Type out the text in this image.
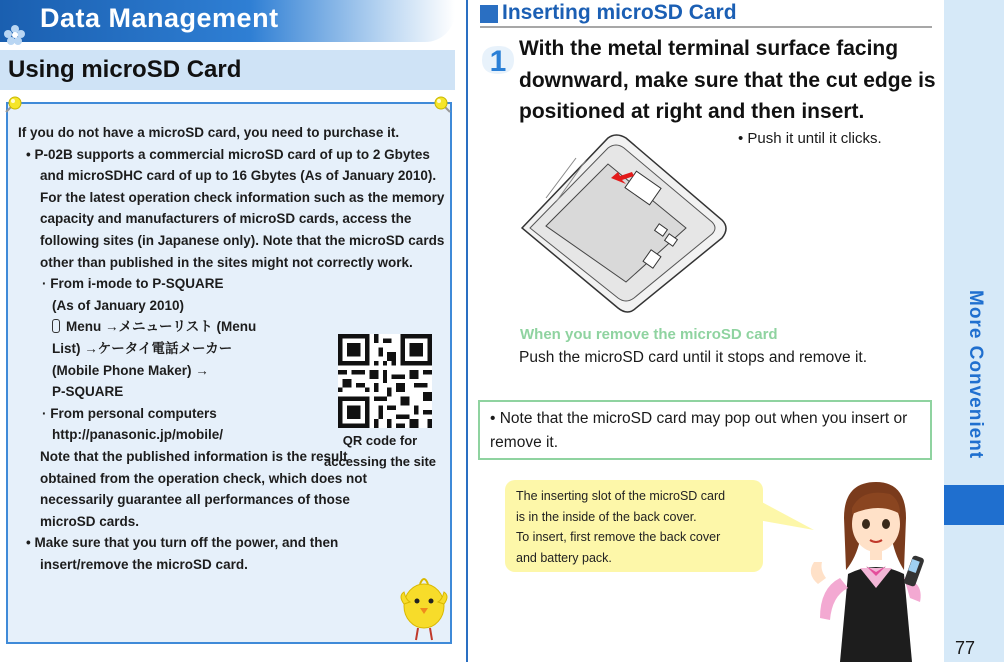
Data Management
Using microSD Card

If you do not have a microSD card, you need to purchase it.

• P-02B supports a commercial microSD card of up to 2 Gbytes and microSDHC card of up to 16 Gbytes (As of January 2010).
For the latest operation check information such as the memory capacity and manufacturers of microSD cards, access the following sites (in Japanese only). Note that the microSD cards other than published in the sites might not correctly work.
· From i-mode to P-SQUARE
(As of January 2010)
Menu →メニューリスト (Menu
List) →ケータイ電話メーカー
(Mobile Phone Maker) →
P-SQUARE
· From personal computers
http://panasonic.jp/mobile/
Note that the published information is the result obtained from the operation check, which does not necessarily guarantee all performances of those microSD cards.
• Make sure that you turn off the power, and then insert/remove the microSD card.
QR code for
accessing the site
Inserting microSD Card
1 With the metal terminal surface facing downward, make sure that the cut edge is positioned at right and then insert.
• Push it until it clicks.
When you remove the microSD card
Push the microSD card until it stops and remove it.
• Note that the microSD card may pop out when you insert or remove it.
The inserting slot of the microSD card
is in the inside of the back cover.
To insert, first remove the back cover
and battery pack.
More Convenient
77
